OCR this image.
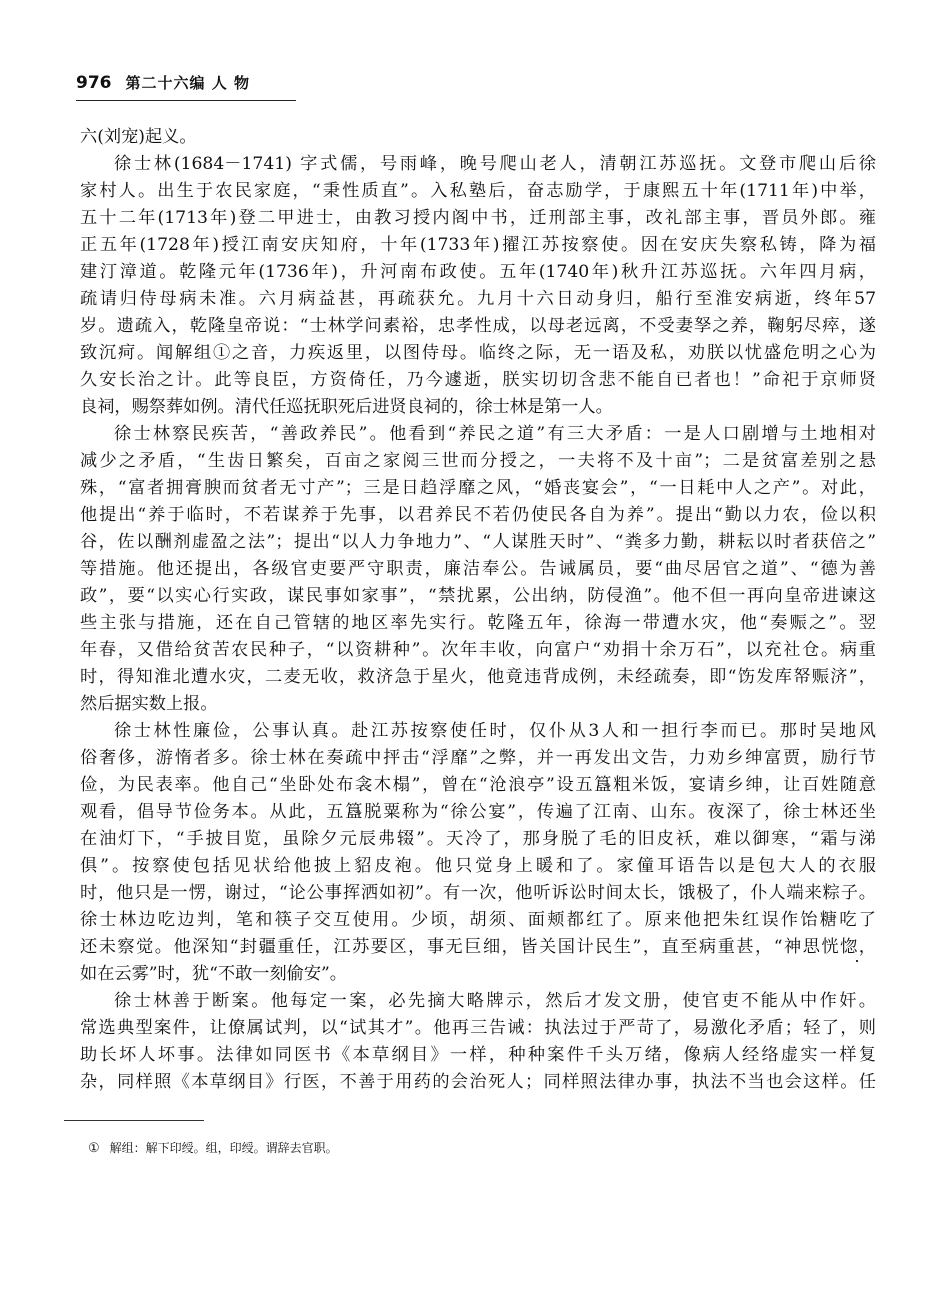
976 第二十六编 人 物
六(刘宠)起义。
徐士林(1684－1741) 字式儒，号雨峰，晚号爬山老人，清朝江苏巡抚。文登市爬山后徐
家村人。出生于农民家庭，“秉性质直”。入私塾后，奋志励学，于康熙五十年(1711年)中举，
五十二年(1713年)登二甲进士，由教习授内阁中书，迁刑部主事，改礼部主事，晋员外郎。雍
正五年(1728年)授江南安庆知府，十年(1733年)擢江苏按察使。因在安庆失察私铸，降为福
建汀漳道。乾隆元年(1736年)，升河南布政使。五年(1740年)秋升江苏巡抚。六年四月病，
疏请归侍母病未准。六月病益甚，再疏获允。九月十六日动身归，船行至淮安病逝，终年57
岁。遗疏入，乾隆皇帝说：“士林学问素裕，忠孝性成，以母老远离，不受妻孥之养，鞠躬尽瘁，遂
致沉疴。闻解组①之音，力疾返里，以图侍母。临终之际，无一语及私，劝朕以忧盛危明之心为
久安长治之计。此等良臣，方资倚任，乃今遽逝，朕实切切含悲不能自已者也！”命祀于京师贤
良祠，赐祭葬如例。清代任巡抚职死后进贤良祠的，徐士林是第一人。
徐士林察民疾苦，“善政养民”。他看到“养民之道”有三大矛盾：一是人口剧增与土地相对
减少之矛盾，“生齿日繁矣，百亩之家阅三世而分授之，一夫将不及十亩”；二是贫富差别之悬
殊，“富者拥膏腴而贫者无寸产”；三是日趋浮靡之风，“婚丧宴会”，“一日耗中人之产”。对此，
他提出“养于临时，不若谋养于先事，以君养民不若仍使民各自为养”。提出“勤以力农，俭以积
谷，佐以酬剂虚盈之法”；提出“以人力争地力”、“人谋胜天时”、“粪多力勤，耕耘以时者获倍之”
等措施。他还提出，各级官吏要严守职责，廉洁奉公。告诫属员，要“曲尽居官之道”、“德为善
政”，要“以实心行实政，谋民事如家事”，“禁扰累，公出纳，防侵渔”。他不但一再向皇帝进谏这
些主张与措施，还在自己管辖的地区率先实行。乾隆五年，徐海一带遭水灾，他“奏赈之”。翌
年春，又借给贫苦农民种子，“以资耕种”。次年丰收，向富户“劝捐十余万石”，以充社仓。病重
时，得知淮北遭水灾，二麦无收，救济急于星火，他竟违背成例，未经疏奏，即“饬发库帑赈济”，
然后据实数上报。
徐士林性廉俭，公事认真。赴江苏按察使任时，仅仆从3人和一担行李而已。那时吴地风
俗奢侈，游惰者多。徐士林在奏疏中抨击“浮靡”之弊，并一再发出文告，力劝乡绅富贾，励行节
俭，为民表率。他自己“坐卧处布衾木榻”，曾在“沧浪亭”设五簋粗米饭，宴请乡绅，让百姓随意
观看，倡导节俭务本。从此，五簋脱粟称为“徐公宴”，传遍了江南、山东。夜深了，徐士林还坐
在油灯下，“手披目览，虽除夕元辰弗辍”。天冷了，那身脱了毛的旧皮袄，难以御寒，“霜与涕
俱”。按察使包括见状给他披上貂皮袍。他只觉身上暖和了。家僮耳语告以是包大人的衣服
时，他只是一愣，谢过，“论公事挥洒如初”。有一次，他听诉讼时间太长，饿极了，仆人端来粽子。
徐士林边吃边判，笔和筷子交互使用。少顷，胡须、面颊都红了。原来他把朱红误作饴糖吃了
还未察觉。他深知“封疆重任，江苏要区，事无巨细，皆关国计民生”，直至病重甚，“神思恍惚，
如在云雾”时，犹“不敢一刻偷安”。
徐士林善于断案。他每定一案，必先摘大略牌示，然后才发文册，使官吏不能从中作奸。
常选典型案件，让僚属试判，以“试其才”。他再三告诫：执法过于严苛了，易激化矛盾；轻了，则
助长坏人坏事。法律如同医书《本草纲目》一样，种种案件千头万绪，像病人经络虚实一样复
杂，同样照《本草纲目》行医，不善于用药的会治死人；同样照法律办事，执法不当也会这样。任
① 解组：解下印绶。组，印绶。谓辞去官职。
